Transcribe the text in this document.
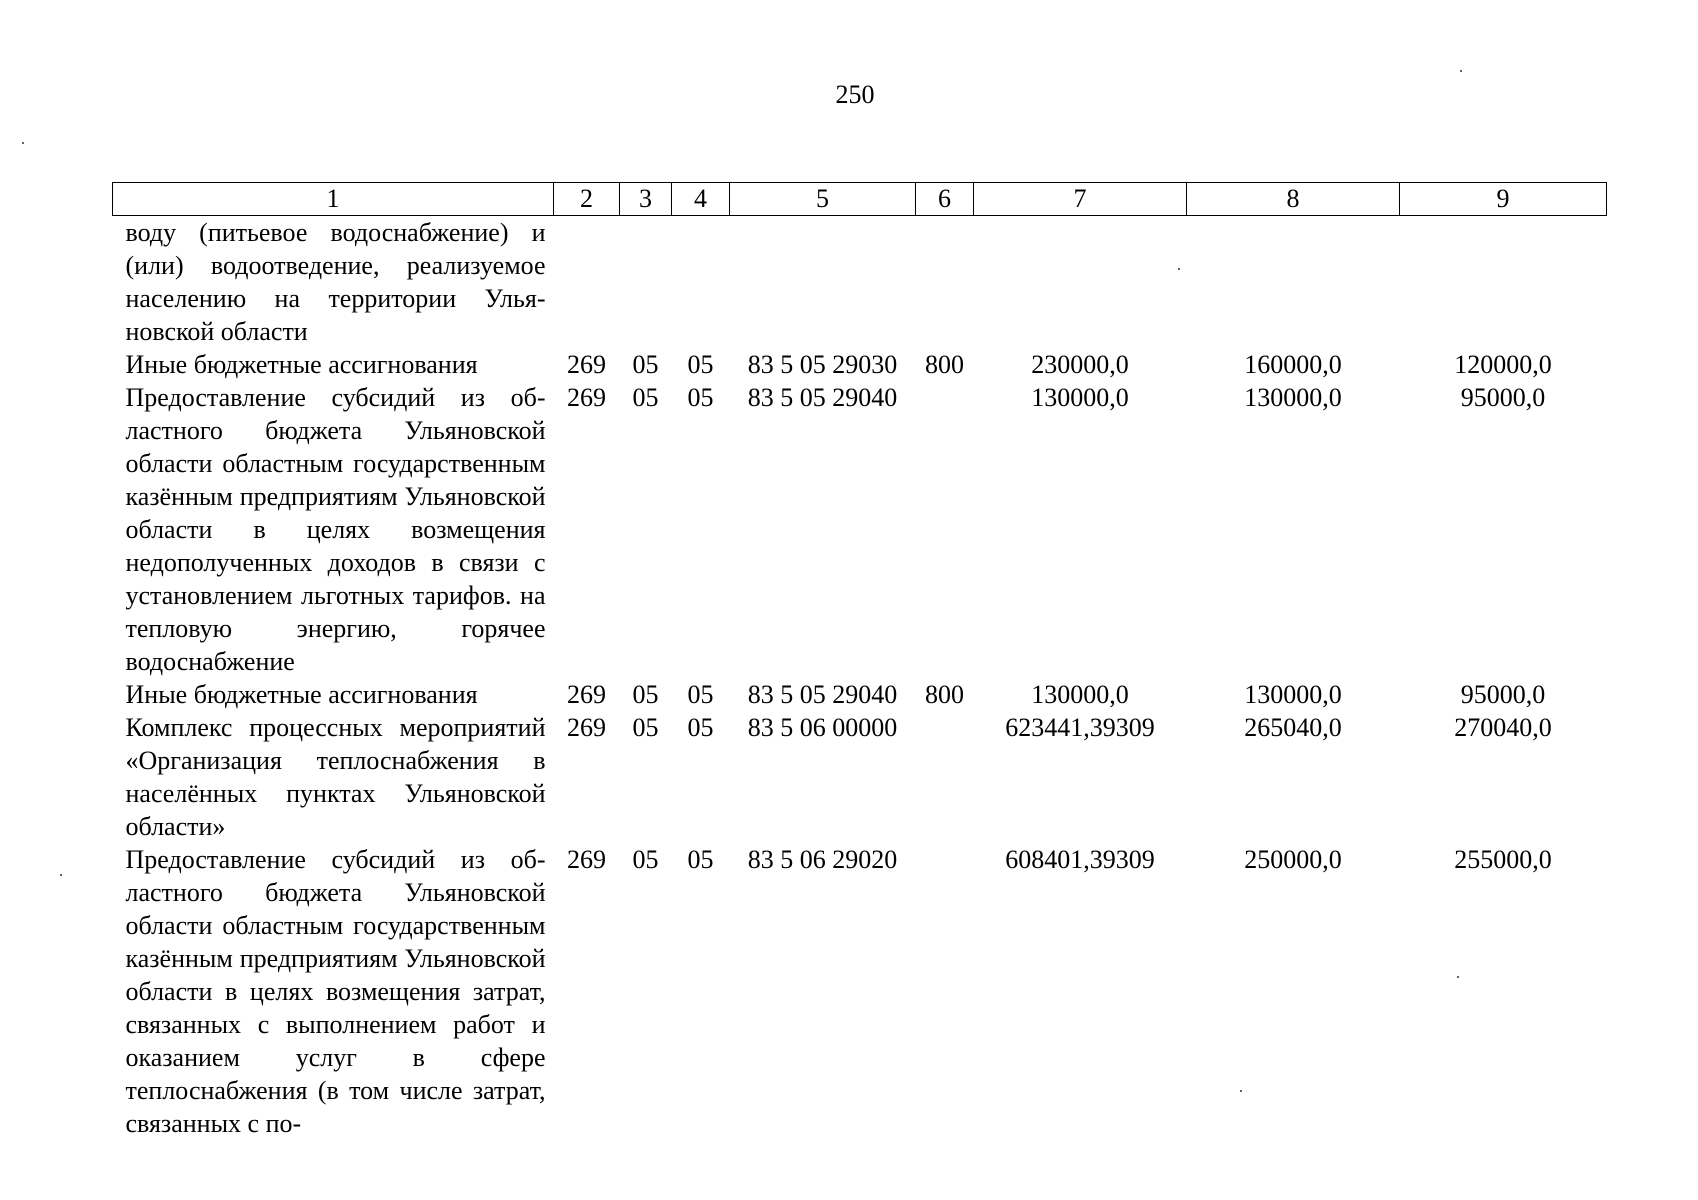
250
1	2	3	4	5	6	7	8	9
воду (питьевое водоснабжение) и (или) водоотведение, реализуемое населению на территории Ульяновской области								
Иные бюджетные ассигнования	269	05	05	83 5 05 29030	800	230000,0	160000,0	120000,0
Предоставление субсидий из областного бюджета Ульяновской области областным государственным казённым предприятиям Ульяновской области в целях возмещения недополученных доходов в связи с установлением льготных тарифов. на тепловую энергию, горячее водоснабжение	269	05	05	83 5 05 29040		130000,0	130000,0	95000,0
Иные бюджетные ассигнования	269	05	05	83 5 05 29040	800	130000,0	130000,0	95000,0
Комплекс процессных мероприятий «Организация теплоснабжения в населённых пунктах Ульяновской области»	269	05	05	83 5 06 00000		623441,39309	265040,0	270040,0
Предоставление субсидий из областного бюджета Ульяновской области областным государственным казённым предприятиям Ульяновской области в целях возмещения затрат, связанных с выполнением работ и оказанием услуг в сфере теплоснабжения (в том числе затрат, связанных с по-	269	05	05	83 5 06 29020		608401,39309	250000,0	255000,0
